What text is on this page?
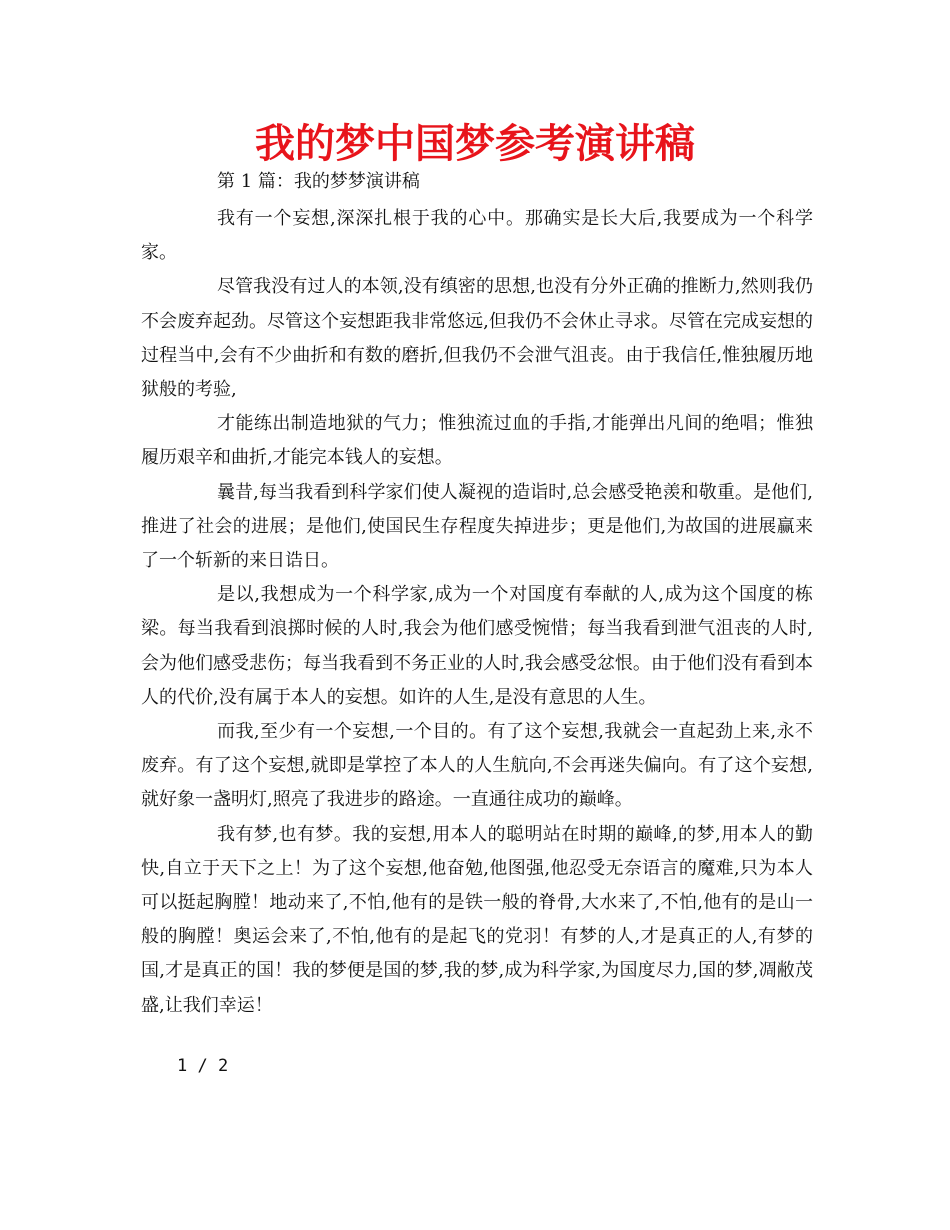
我的梦中国梦参考演讲稿
第 1 篇：我的梦梦演讲稿

我有一个妄想,深深扎根于我的心中。那确实是长大后,我要成为一个科学家。

尽管我没有过人的本领,没有缜密的思想,也没有分外正确的推断力,然则我仍不会废弃起劲。尽管这个妄想距我非常悠远,但我仍不会休止寻求。尽管在完成妄想的过程当中,会有不少曲折和有数的磨折,但我仍不会泄气沮丧。由于我信任,惟独履历地狱般的考验,

才能练出制造地狱的气力；惟独流过血的手指,才能弹出凡间的绝唱；惟独履历艰辛和曲折,才能完本钱人的妄想。

曩昔,每当我看到科学家们使人凝视的造诣时,总会感受艳羡和敬重。是他们,推进了社会的进展；是他们,使国民生存程度失掉进步；更是他们,为故国的进展赢来了一个斩新的来日诰日。

是以,我想成为一个科学家,成为一个对国度有奉献的人,成为这个国度的栋梁。每当我看到浪掷时候的人时,我会为他们感受惋惜；每当我看到泄气沮丧的人时,会为他们感受悲伤；每当我看到不务正业的人时,我会感受忿恨。由于他们没有看到本人的代价,没有属于本人的妄想。如许的人生,是没有意思的人生。

而我,至少有一个妄想,一个目的。有了这个妄想,我就会一直起劲上来,永不废弃。有了这个妄想,就即是掌控了本人的人生航向,不会再迷失偏向。有了这个妄想,就好象一盏明灯,照亮了我进步的路途。一直通往成功的巅峰。

我有梦,也有梦。我的妄想,用本人的聪明站在时期的巅峰,的梦,用本人的勤快,自立于天下之上！为了这个妄想,他奋勉,他图强,他忍受无奈语言的魔难,只为本人可以挺起胸膛！地动来了,不怕,他有的是铁一般的脊骨,大水来了,不怕,他有的是山一般的胸膛！奥运会来了,不怕,他有的是起飞的党羽！有梦的人,才是真正的人,有梦的国,才是真正的国！我的梦便是国的梦,我的梦,成为科学家,为国度尽力,国的梦,凋敝茂盛,让我们幸运！

1 / 2
